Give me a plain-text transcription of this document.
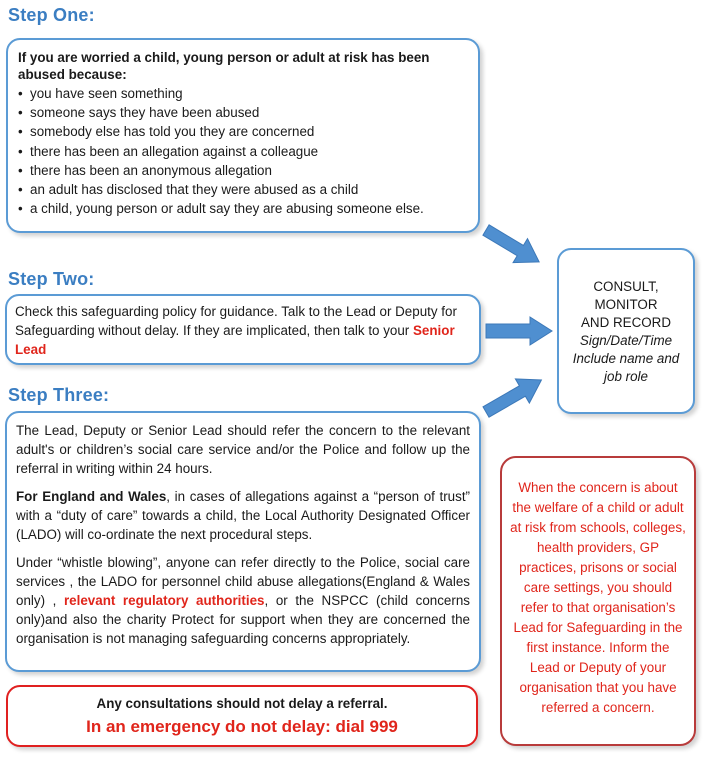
Step One:

If you are worried a child, young person or adult at risk has been abused because:

• you have seen something
• someone says they have been abused
• somebody else has told you they are concerned
• there has been an allegation against a colleague
• there has been an anonymous allegation
• an adult has disclosed that they were abused as a child
• a child, young person or adult say they are abusing someone else.
Step Two:

Check this safeguarding policy for guidance. Talk to the Lead or Deputy for Safeguarding without delay. If they are implicated, then talk to your Senior Lead

Step Three:

The Lead, Deputy or Senior Lead should refer the concern to the relevant adult's or children’s social care service and/or the Police and follow up the referral in writing within 24 hours.

For England and Wales, in cases of allegations against a “person of trust” with a “duty of care” towards a child, the Local Authority Designated Officer (LADO) will co-ordinate the next procedural steps.

Under “whistle blowing”, anyone can refer directly to the Police, social care services , the LADO for personnel child abuse allegations(England & Wales only) , relevant regulatory authorities, or the NSPCC (child concerns only)and also the charity Protect for support when they are concerned the organisation is not managing safeguarding concerns appropriately.

Any consultations should not delay a referral.

In an emergency do not delay: dial 999

CONSULT,

MONITOR

AND RECORD

Sign/Date/Time

Include name and job role

When the concern is about the welfare of a child or adult at risk from schools, colleges, health providers, GP practices, prisons or social care settings, you should refer to that organisation’s Lead for Safeguarding in the first instance. Inform the Lead or Deputy of your organisation that you have referred a concern.
